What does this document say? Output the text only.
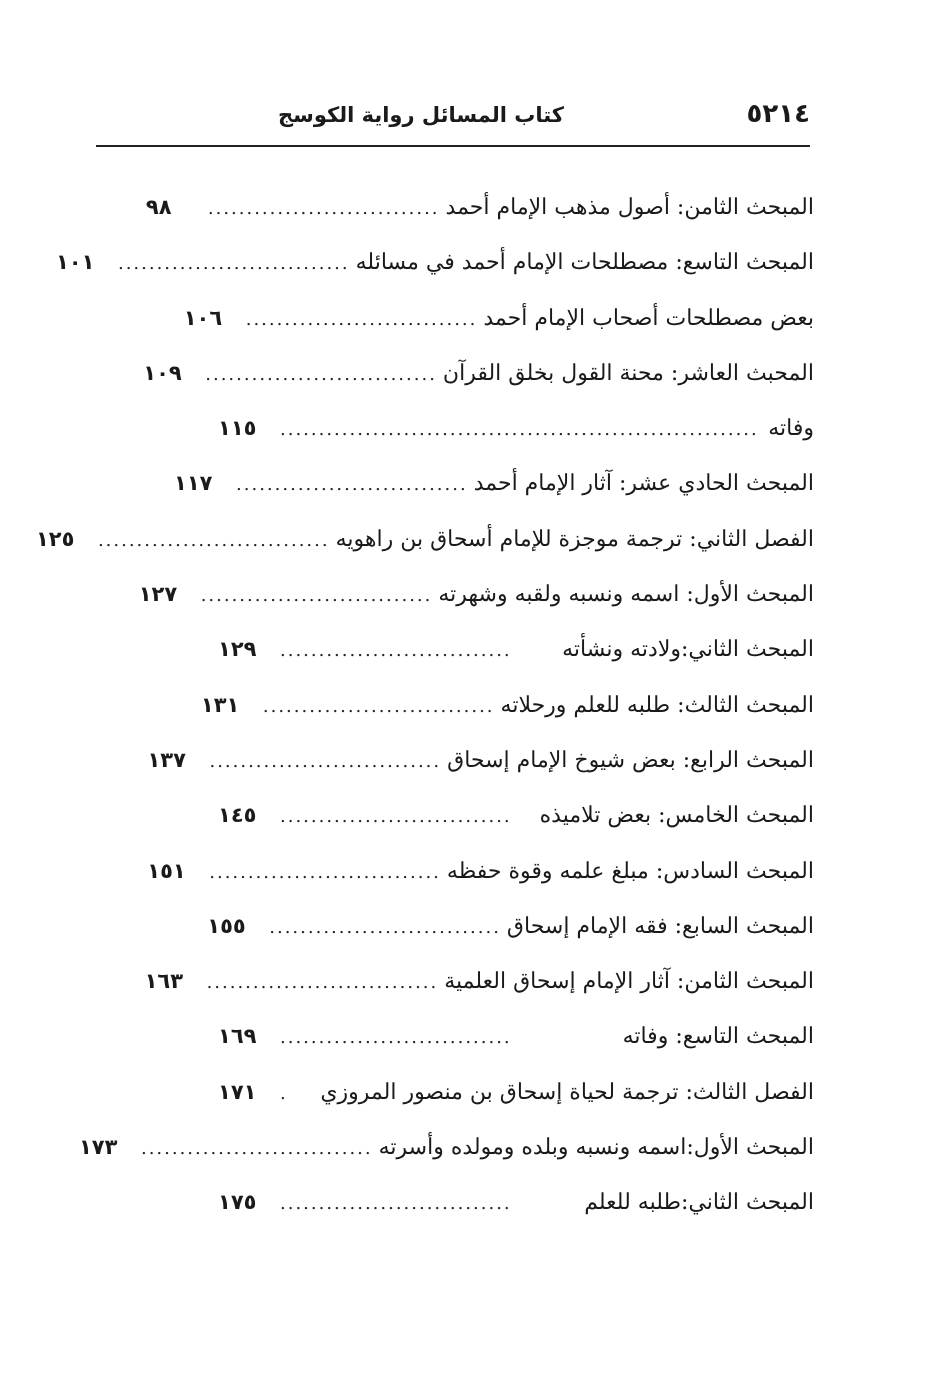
٥٢١٤
كتاب المسائل رواية الكوسج
المبحث الثامن: أصول مذهب الإمام أحمد
..............................
٩٨
المبحث التاسع: مصطلحات الإمام أحمد في مسائله
..............................
١٠١
بعض مصطلحات أصحاب الإمام أحمد
..............................
١٠٦
المحبث العاشر: محنة القول بخلق القرآن
..............................
١٠٩
وفاته
..............................................................
١١٥
المبحث الحادي عشر: آثار الإمام أحمد
..............................
١١٧
الفصل الثاني: ترجمة موجزة للإمام أسحاق بن راهويه
..............................
١٢٥
المبحث الأول: اسمه ونسبه ولقبه وشهرته
..............................
١٢٧
المبحث الثاني:ولادته ونشأته
..............................
١٢٩
المبحث الثالث: طلبه للعلم ورحلاته
..............................
١٣١
المبحث الرابع: بعض شيوخ الإمام إسحاق
..............................
١٣٧
المبحث الخامس: بعض تلاميذه
..............................
١٤٥
المبحث السادس: مبلغ علمه وقوة حفظه
..............................
١٥١
المبحث السابع: فقه الإمام إسحاق
..............................
١٥٥
المبحث الثامن: آثار الإمام إسحاق العلمية
..............................
١٦٣
المبحث التاسع: وفاته
..............................
١٦٩
الفصل الثالث: ترجمة لحياة إسحاق بن منصور المروزي
.
١٧١
المبحث الأول:اسمه ونسبه وبلده ومولده وأسرته
..............................
١٧٣
المبحث الثاني:طلبه للعلم
..............................
١٧٥
